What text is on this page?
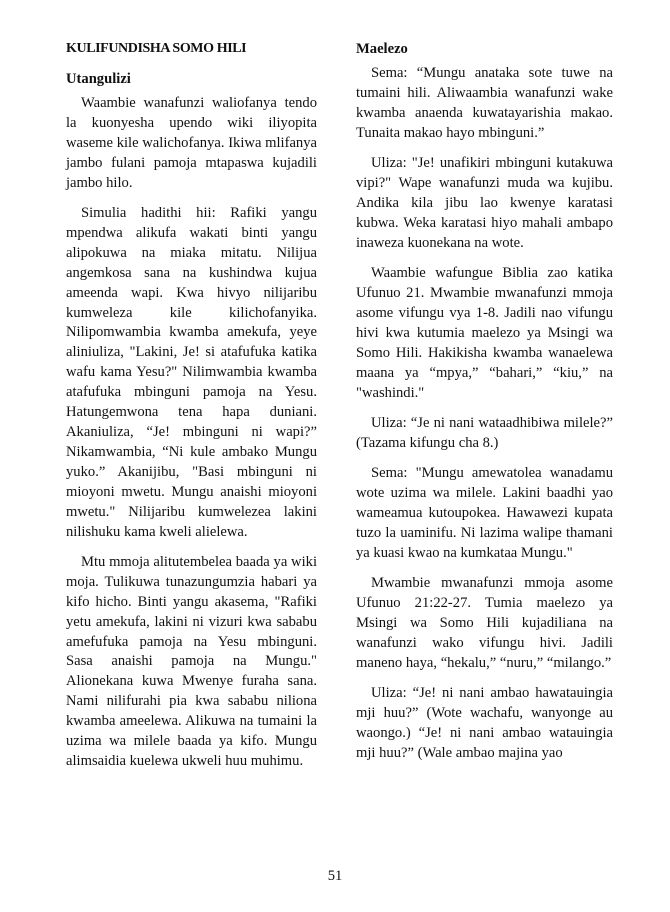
KULIFUNDISHA SOMO HILI
Utangulizi

Waambie wanafunzi waliofanya tendo la kuonyesha upendo wiki iliyopita waseme kile walichofanya. Ikiwa mlifanya jambo fulani pamoja mtapaswa kujadili jambo hilo.

Simulia hadithi hii: Rafiki yangu mpendwa alikufa wakati binti yangu alipokuwa na miaka mitatu. Nilijua angemkosa sana na kushindwa kujua ameenda wapi. Kwa hivyo nilijaribu kumweleza kile kilichofanyika. Nilipomwambia kwamba amekufa, yeye aliniuliza, "Lakini, Je! si atafufuka katika wafu kama Yesu?" Nilimwambia kwamba atafufuka mbinguni pamoja na Yesu. Hatungemwona tena hapa duniani. Akaniuliza, “Je! mbinguni ni wapi?” Nikamwambia, “Ni kule ambako Mungu yuko.” Akanijibu, "Basi mbinguni ni mioyoni mwetu. Mungu anaishi mioyoni mwetu." Nilijaribu kumwelezea lakini nilishuku kama kweli alielewa.

Mtu mmoja alitutembelea baada ya wiki moja. Tulikuwa tunazungumzia habari ya kifo hicho. Binti yangu akasema, "Rafiki yetu amekufa, lakini ni vizuri kwa sababu amefufuka pamoja na Yesu mbinguni. Sasa anaishi pamoja na Mungu." Alionekana kuwa Mwenye furaha sana. Nami nilifurahi pia kwa sababu niliona kwamba ameelewa. Alikuwa na tumaini la uzima wa milele baada ya kifo. Mungu alimsaidia kuelewa ukweli huu muhimu.

Maelezo

Sema: “Mungu anataka sote tuwe na tumaini hili. Aliwaambia wanafunzi wake kwamba anaenda kuwatayarishia makao. Tunaita makao hayo mbinguni.”

Uliza: "Je! unafikiri mbinguni kutakuwa vipi?" Wape wanafunzi muda wa kujibu. Andika kila jibu lao kwenye karatasi kubwa. Weka karatasi hiyo mahali ambapo inaweza kuonekana na wote.

Waambie wafungue Biblia zao katika Ufunuo 21. Mwambie mwanafunzi mmoja asome vifungu vya 1-8. Jadili nao vifungu hivi kwa kutumia maelezo ya Msingi wa Somo Hili. Hakikisha kwamba wanaelewa maana ya “mpya,” “bahari,” “kiu,” na "washindi."

Uliza: “Je ni nani wataadhibiwa milele?” (Tazama kifungu cha 8.)

Sema: "Mungu amewatolea wanadamu wote uzima wa milele. Lakini baadhi yao wameamua kutoupokea. Hawawezi kupata tuzo la uaminifu. Ni lazima walipe thamani ya kuasi kwao na kumkataa Mungu."

Mwambie mwanafunzi mmoja asome Ufunuo 21:22-27. Tumia maelezo ya Msingi wa Somo Hili kujadiliana na wanafunzi wako vifungu hivi. Jadili maneno haya, “hekalu,” “nuru,” “milango.”

Uliza: “Je! ni nani ambao hawatauingia mji huu?” (Wote wachafu, wanyonge au waongo.) “Je! ni nani ambao watauingia mji huu?” (Wale ambao majina yao

51
